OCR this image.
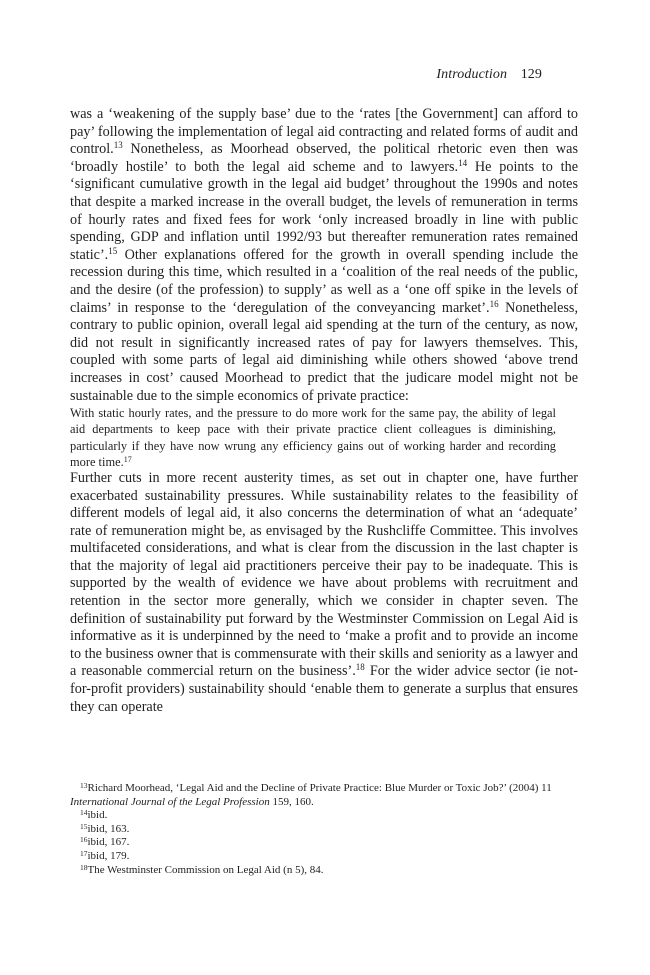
Introduction 129

was a ‘weakening of the supply base’ due to the ‘rates [the Government] can afford to pay’ following the implementation of legal aid contracting and related forms of audit and control.$^{13}$ Nonetheless, as Moorhead observed, the political rhetoric even then was ‘broadly hostile’ to both the legal aid scheme and to lawyers.$^{14}$ He points to the ‘significant cumulative growth in the legal aid budget’ throughout the 1990s and notes that despite a marked increase in the overall budget, the levels of remuneration in terms of hourly rates and fixed fees for work ‘only increased broadly in line with public spending, GDP and inflation until 1992/93 but thereafter remuneration rates remained static’.$^{15}$ Other explanations offered for the growth in overall spending include the recession during this time, which resulted in a ‘coalition of the real needs of the public, and the desire (of the profession) to supply’ as well as a ‘one off spike in the levels of claims’ in response to the ‘deregulation of the conveyancing market’.$^{16}$ Nonetheless, contrary to public opinion, overall legal aid spending at the turn of the century, as now, did not result in significantly increased rates of pay for lawyers themselves. This, coupled with some parts of legal aid diminishing while others showed ‘above trend increases in cost’ caused Moorhead to predict that the judicare model might not be sustainable due to the simple economics of private practice:

With static hourly rates, and the pressure to do more work for the same pay, the ability of legal aid departments to keep pace with their private practice client colleagues is diminishing, particularly if they have now wrung any efficiency gains out of working harder and recording more time.$^{17}$

Further cuts in more recent austerity times, as set out in chapter one, have further exacerbated sustainability pressures. While sustainability relates to the feasibility of different models of legal aid, it also concerns the determination of what an ‘adequate’ rate of remuneration might be, as envisaged by the Rushcliffe Committee. This involves multifaceted considerations, and what is clear from the discussion in the last chapter is that the majority of legal aid practitioners perceive their pay to be inadequate. This is supported by the wealth of evidence we have about problems with recruitment and retention in the sector more generally, which we consider in chapter seven. The definition of sustainability put forward by the Westminster Commission on Legal Aid is informative as it is underpinned by the need to ‘make a profit and to provide an income to the business owner that is commensurate with their skills and seniority as a lawyer and a reasonable commercial return on the business’.$^{18}$ For the wider advice sector (ie not-for-profit providers) sustainability should ‘enable them to generate a surplus that ensures they can operate

$^{13}$Richard Moorhead, ‘Legal Aid and the Decline of Private Practice: Blue Murder or Toxic Job?’ (2004) 11 International Journal of the Legal Profession 159, 160.

$^{14}$ibid.

$^{15}$ibid, 163.

$^{16}$ibid, 167.

$^{17}$ibid, 179.

$^{18}$The Westminster Commission on Legal Aid (n 5), 84.
